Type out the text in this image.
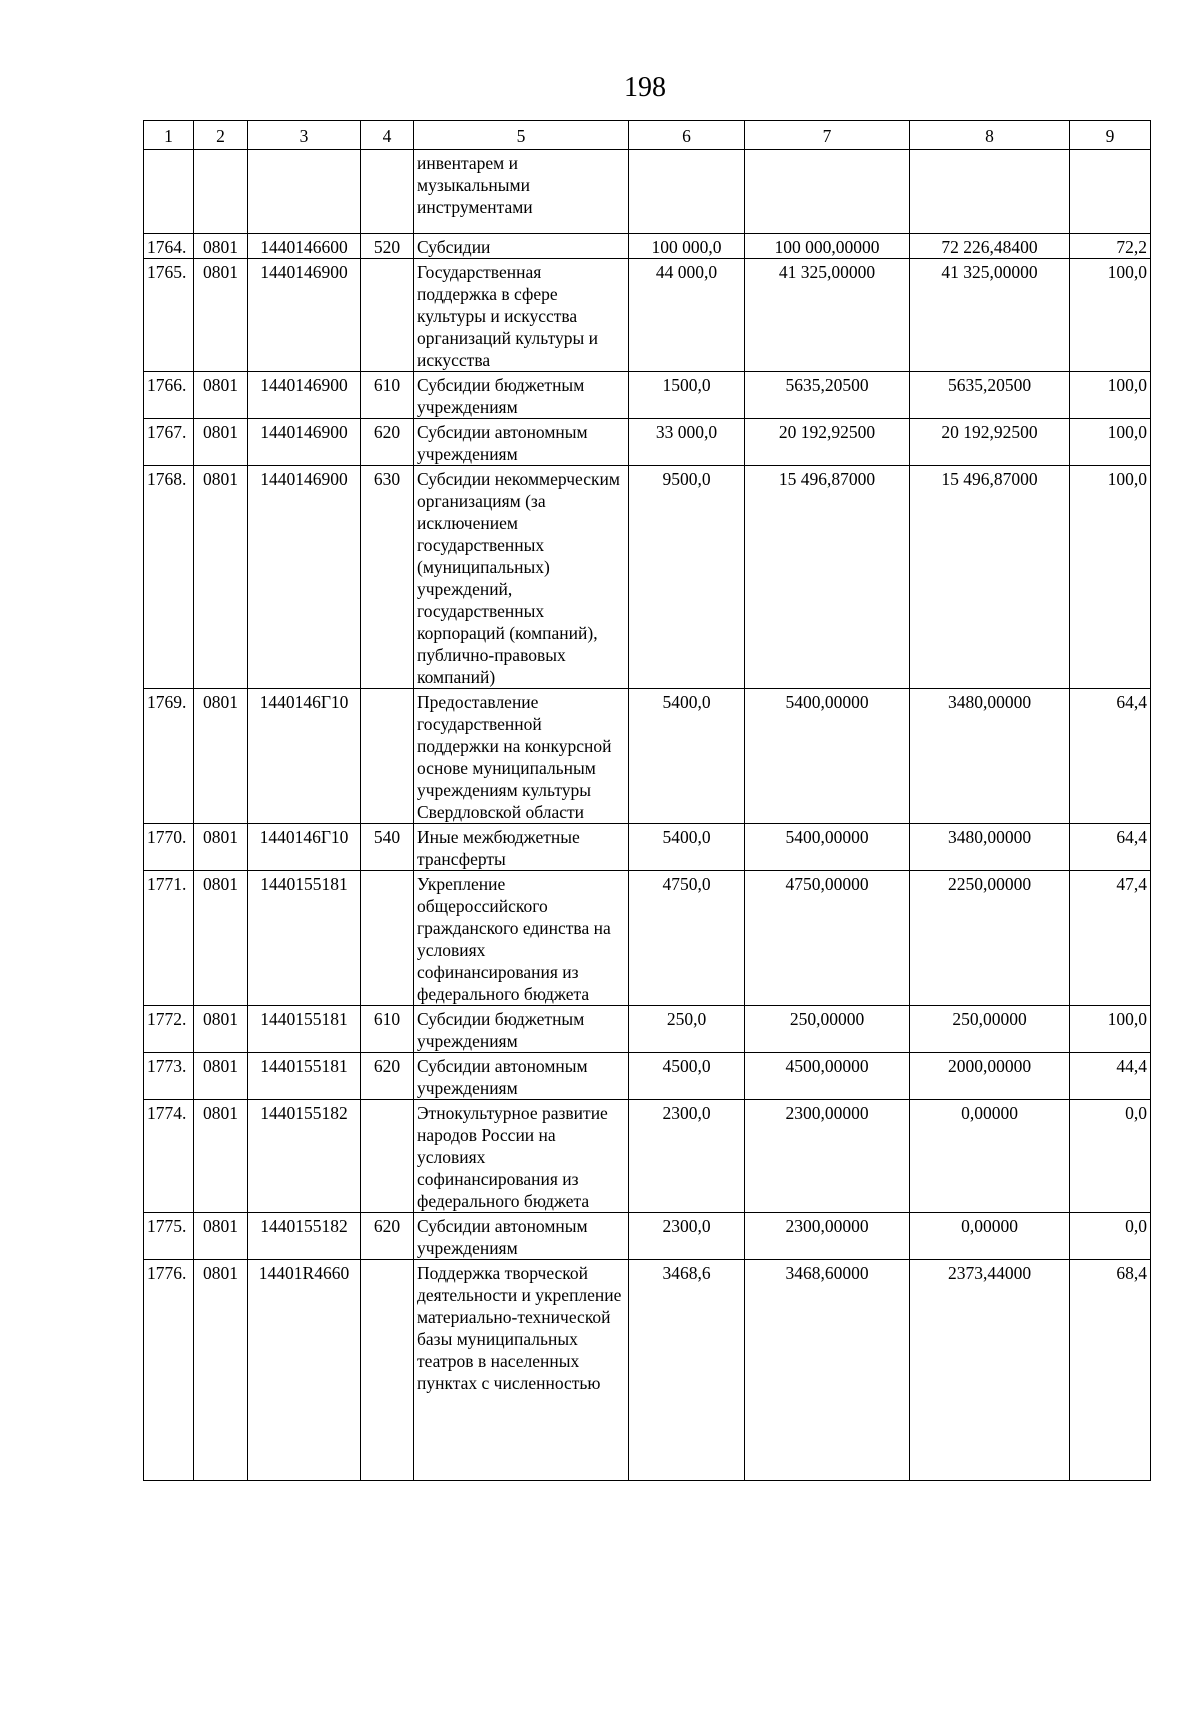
198
1	2	3	4	5	6	7	8	9
				инвентарем и музыкальными инструментами				
1764.	0801	1440146600	520	Субсидии	100 000,0	100 000,00000	72 226,48400	72,2
1765.	0801	1440146900		Государственная поддержка в сфере культуры и искусства организаций культуры и искусства	44 000,0	41 325,00000	41 325,00000	100,0
1766.	0801	1440146900	610	Субсидии бюджетным учреждениям	1500,0	5635,20500	5635,20500	100,0
1767.	0801	1440146900	620	Субсидии автономным учреждениям	33 000,0	20 192,92500	20 192,92500	100,0
1768.	0801	1440146900	630	Субсидии некоммерческим организациям (за исключением государственных (муниципальных) учреждений, государственных корпораций (компаний), публично-правовых компаний)	9500,0	15 496,87000	15 496,87000	100,0
1769.	0801	1440146Г10		Предоставление государственной поддержки на конкурсной основе муниципальным учреждениям культуры Свердловской области	5400,0	5400,00000	3480,00000	64,4
1770.	0801	1440146Г10	540	Иные межбюджетные трансферты	5400,0	5400,00000	3480,00000	64,4
1771.	0801	1440155181		Укрепление общероссийского гражданского единства на условиях софинансирования из федерального бюджета	4750,0	4750,00000	2250,00000	47,4
1772.	0801	1440155181	610	Субсидии бюджетным учреждениям	250,0	250,00000	250,00000	100,0
1773.	0801	1440155181	620	Субсидии автономным учреждениям	4500,0	4500,00000	2000,00000	44,4
1774.	0801	1440155182		Этнокультурное развитие народов России на условиях софинансирования из федерального бюджета	2300,0	2300,00000	0,00000	0,0
1775.	0801	1440155182	620	Субсидии автономным учреждениям	2300,0	2300,00000	0,00000	0,0
1776.	0801	14401R4660		Поддержка творческой деятельности и укрепление материально-технической базы муниципальных театров в населенных пунктах с численностью	3468,6	3468,60000	2373,44000	68,4
